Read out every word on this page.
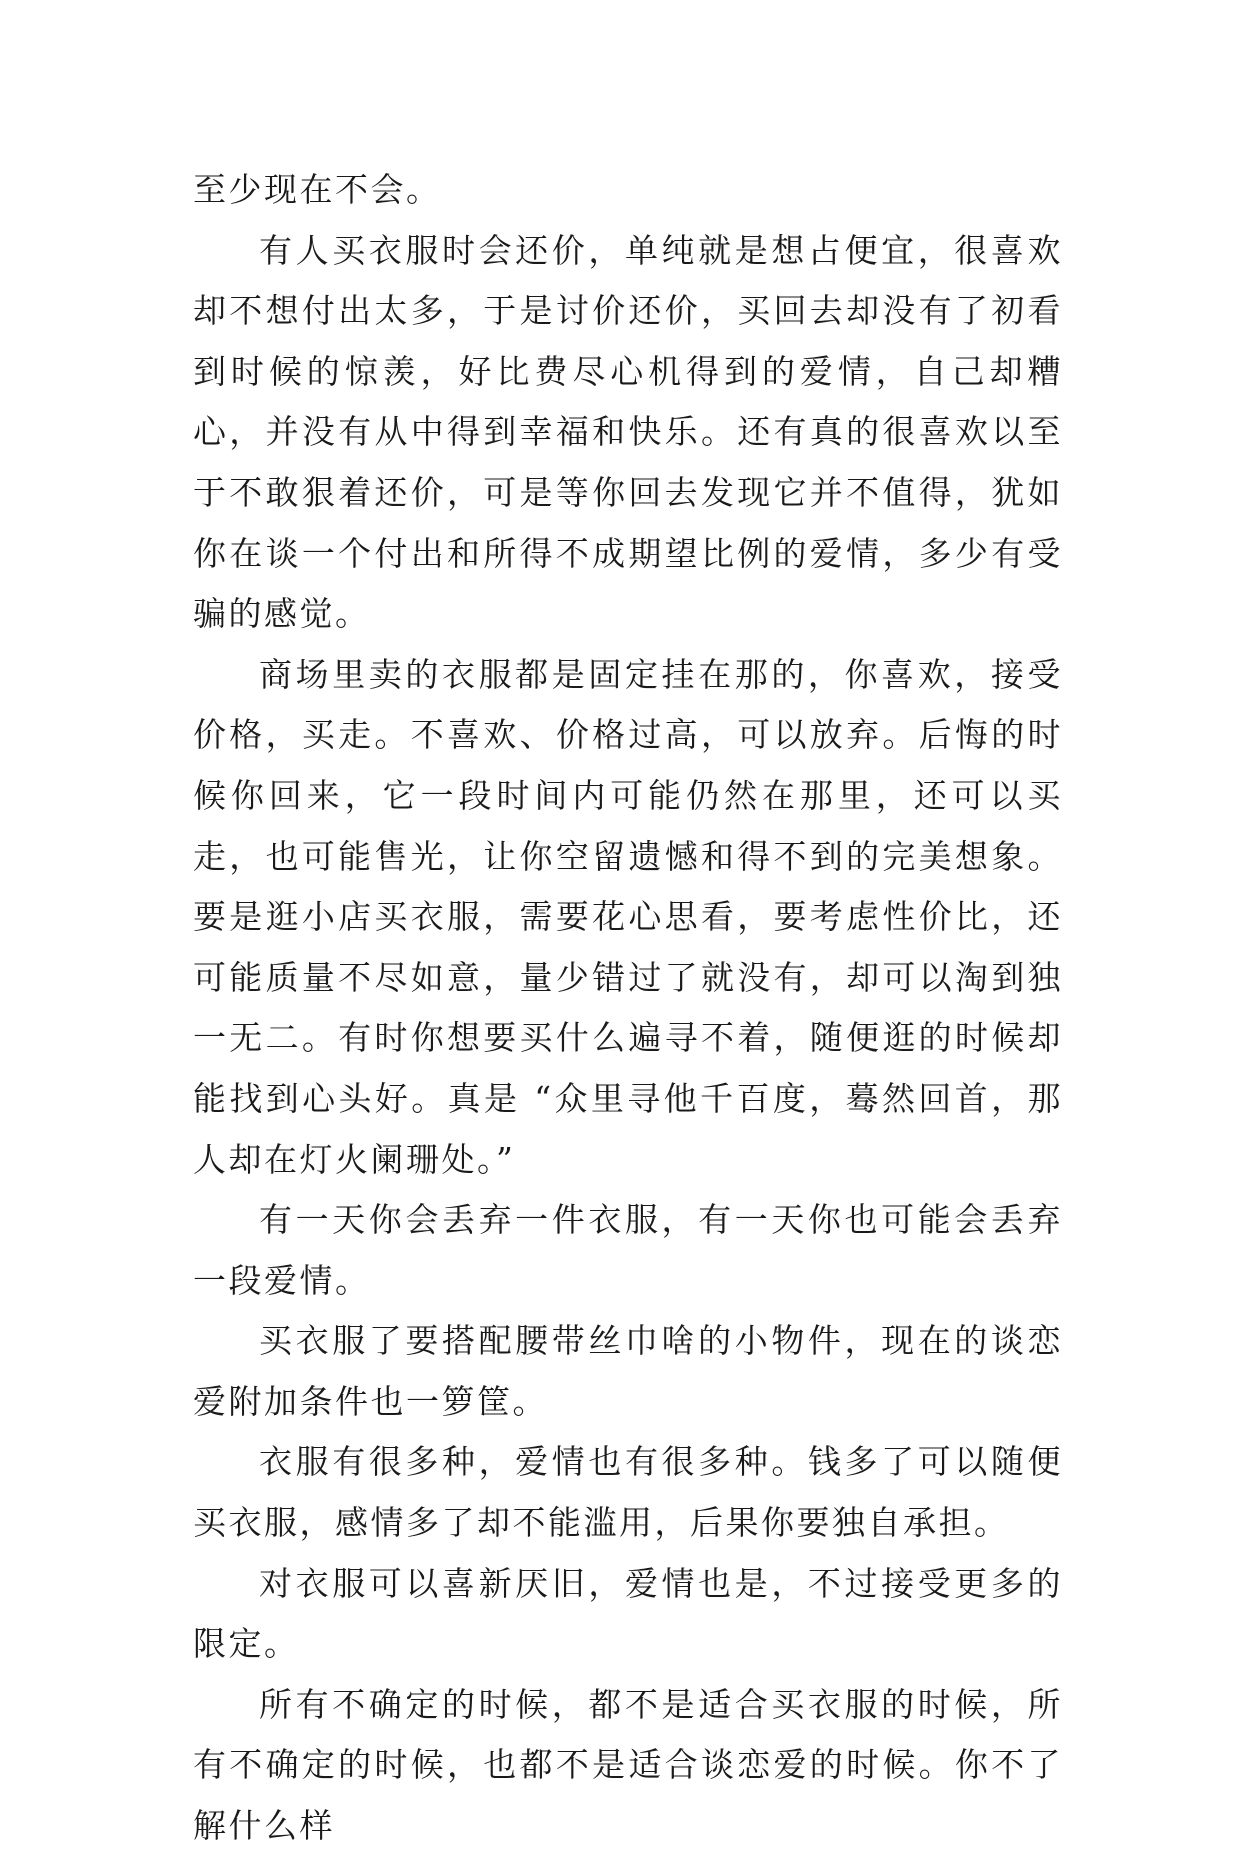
至少现在不会。

有人买衣服时会还价，单纯就是想占便宜，很喜欢却不想付出太多，于是讨价还价，买回去却没有了初看到时候的惊羡，好比费尽心机得到的爱情，自己却糟心，并没有从中得到幸福和快乐。还有真的很喜欢以至于不敢狠着还价，可是等你回去发现它并不值得，犹如你在谈一个付出和所得不成期望比例的爱情，多少有受骗的感觉。

商场里卖的衣服都是固定挂在那的，你喜欢，接受价格，买走。不喜欢、价格过高，可以放弃。后悔的时候你回来，它一段时间内可能仍然在那里，还可以买走，也可能售光，让你空留遗憾和得不到的完美想象。要是逛小店买衣服，需要花心思看，要考虑性价比，还可能质量不尽如意，量少错过了就没有，却可以淘到独一无二。有时你想要买什么遍寻不着，随便逛的时候却能找到心头好。真是 “众里寻他千百度，蓦然回首，那人却在灯火阑珊处。”

有一天你会丢弃一件衣服，有一天你也可能会丢弃一段爱情。

买衣服了要搭配腰带丝巾啥的小物件，现在的谈恋爱附加条件也一箩筐。

衣服有很多种，爱情也有很多种。钱多了可以随便买衣服，感情多了却不能滥用，后果你要独自承担。

对衣服可以喜新厌旧，爱情也是，不过接受更多的限定。

所有不确定的时候，都不是适合买衣服的时候，所有不确定的时候，也都不是适合谈恋爱的时候。你不了解什么样
